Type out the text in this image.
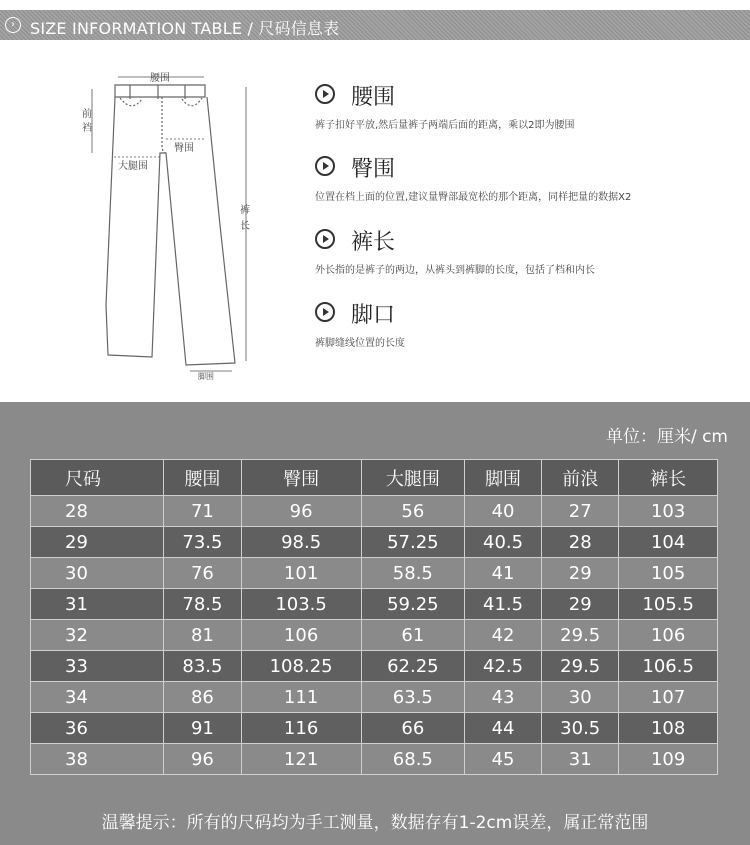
› SIZE INFORMATION TABLE / 尺码信息表
腰围
前
裆
臀围
大腿围
裤
长
脚围
腰围
裤子扣好平放,然后量裤子两端后面的距离，乘以2即为腰围
臀围
位置在档上面的位置,建议量臀部最宽松的那个距离，同样把量的数据X2
裤长
外长指的是裤子的两边，从裤头到裤脚的长度，包括了档和内长
脚口
裤脚缝线位置的长度
单位：厘米/ cm
尺码	腰围	臀围	大腿围	脚围	前浪	裤长
28	71	96	56	40	27	103
29	73.5	98.5	57.25	40.5	28	104
30	76	101	58.5	41	29	105
31	78.5	103.5	59.25	41.5	29	105.5
32	81	106	61	42	29.5	106
33	83.5	108.25	62.25	42.5	29.5	106.5
34	86	111	63.5	43	30	107
36	91	116	66	44	30.5	108
38	96	121	68.5	45	31	109
温馨提示：所有的尺码均为手工测量，数据存有1-2cm误差，属正常范围
